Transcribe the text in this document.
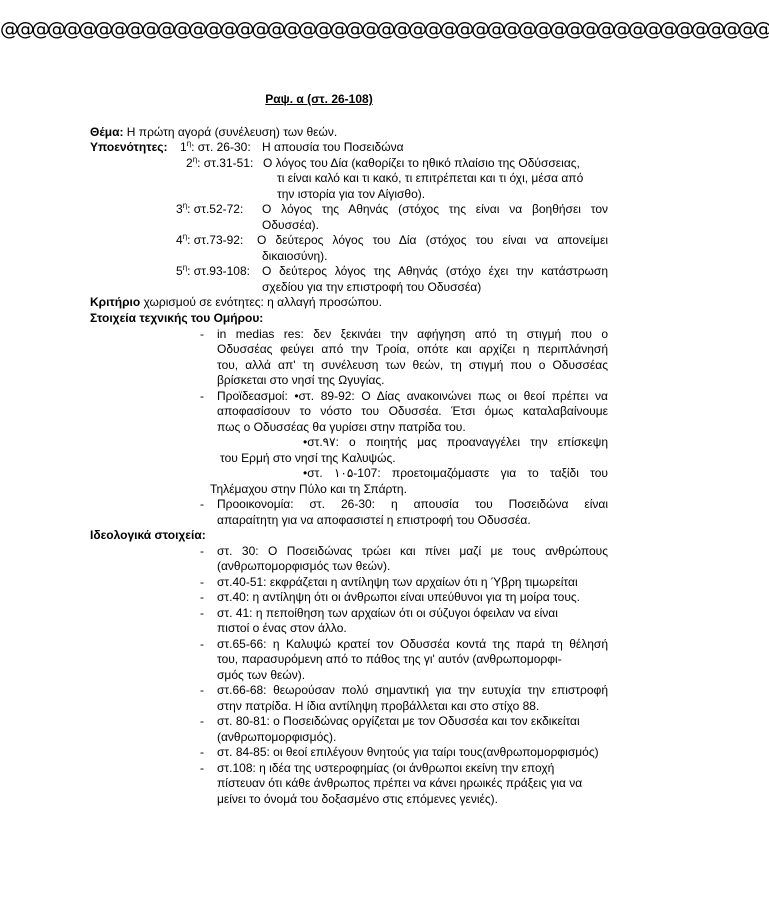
@@@@@@@@@@@@@@@@@@@@@@@@@@@@@@@@@@@@@@@@@@@@@@@@@
Ραψ. α (στ. 26-108)
Θέμα: Η πρώτη αγορά (συνέλευση) των θεών.
Υποενότητες: $1^\eta$: στ. 26-30: Η απουσία του Ποσειδώνα
$2^\eta$: στ.31-51: Ο λόγος του Δία (καθορίζει το ηθικό πλαίσιο της Οδύσσειας,
τι είναι καλό και τι κακό, τι επιτρέπεται και τι όχι, μέσα από
την ιστορία για τον Αίγισθο).
$3^\eta$: στ.52-72: Ο λόγος της Αθηνάς (στόχος της είναι να βοηθήσει τον
Οδυσσέα).
$4^\eta$: στ.73-92: Ο δεύτερος λόγος του Δία (στόχος του είναι να απονείμει
δικαιοσύνη).
$5^\eta$: στ.93-108: Ο δεύτερος λόγος της Αθηνάς (στόχο έχει την κατάστρωση
σχεδίου για την επιστροφή του Οδυσσέα)
Κριτήριο χωρισμού σε ενότητες: η αλλαγή προσώπου.
Στοιχεία τεχνικής του Ομήρου:
- in medias res: δεν ξεκινάει την αφήγηση από τη στιγμή που ο
Οδυσσέας φεύγει από την Τροία, οπότε και αρχίζει η περιπλάνησή
του, αλλά απ' τη συνέλευση των θεών, τη στιγμή που ο Οδυσσέας
βρίσκεται στο νησί της Ωγυγίας.
- Προϊδεασμοί: •στ. 89-92: Ο Δίας ανακοινώνει πως οι θεοί πρέπει να
αποφασίσουν το νόστο του Οδυσσέα. Έτσι όμως καταλαβαίνουμε
πως ο Οδυσσέας θα γυρίσει στην πατρίδα του.
•στ.۹۷: ο ποιητής μας προαναγγέλει την επίσκεψη
του Ερμή στο νησί της Καλυψώς.
•στ. ۱۰۵-107: προετοιμαζόμαστε για το ταξίδι του
Τηλέμαχου στην Πύλο και τη Σπάρτη.
- Προοικονομία: στ. 26-30: η απουσία του Ποσειδώνα είναι
απαραίτητη για να αποφασιστεί η επιστροφή του Οδυσσέα.
Ιδεολογικά στοιχεία:
- στ. 30: Ο Ποσειδώνας τρώει και πίνει μαζί με τους ανθρώπους
(ανθρωπομορφισμός των θεών).
- στ.40-51: εκφράζεται η αντίληψη των αρχαίων ότι η Ύβρη τιμωρείται
- στ.40: η αντίληψη ότι οι άνθρωποι είναι υπεύθυνοι για τη μοίρα τους.
- στ. 41: η πεποίθηση των αρχαίων ότι οι σύζυγοι όφειλαν να είναι
πιστοί ο ένας στον άλλο.
- στ.65-66: η Καλυψώ κρατεί τον Οδυσσέα κοντά της παρά τη θέλησή
του, παρασυρόμενη από το πάθος της γι' αυτόν (ανθρωπομορφι-
σμός των θεών).
- στ.66-68: θεωρούσαν πολύ σημαντική για την ευτυχία την επιστροφή
στην πατρίδα. Η ίδια αντίληψη προβάλλεται και στο στίχο 88.
- στ. 80-81: ο Ποσειδώνας οργίζεται με τον Οδυσσέα και τον εκδικείται
(ανθρωπομορφισμός).
- στ. 84-85: οι θεοί επιλέγουν θνητούς για ταίρι τους(ανθρωπομορφισμός)
- στ.108: η ιδέα της υστεροφημίας (οι άνθρωποι εκείνη την εποχή
πίστευαν ότι κάθε άνθρωπος πρέπει να κάνει ηρωικές πράξεις για να
μείνει το όνομά του δοξασμένο στις επόμενες γενιές).
